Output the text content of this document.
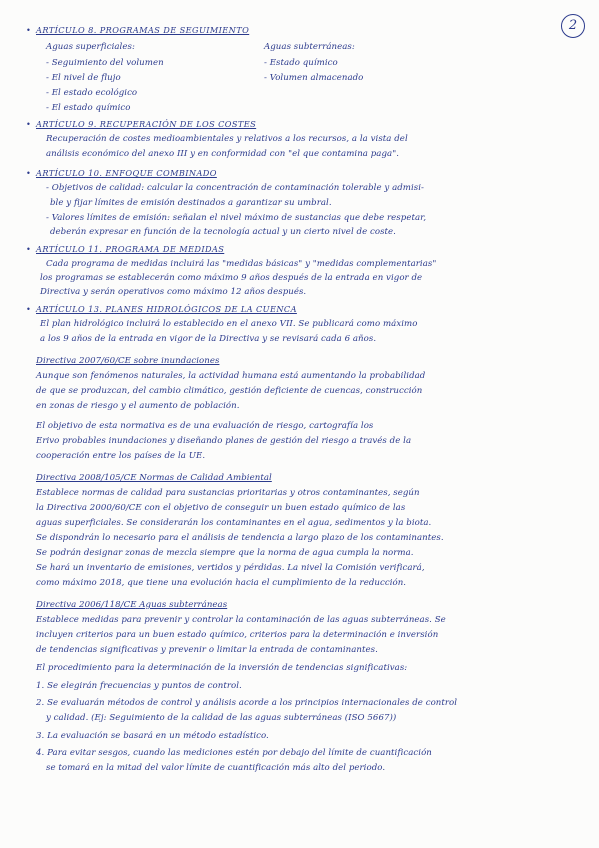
2
• ARTÍCULO 8. PROGRAMAS DE SEGUIMIENTO
Aguas superficiales:	Aguas subterráneas:
- Seguimiento del volumen	- Estado químico
- El nivel de flujo	- Volumen almacenado
- El estado ecológico
- El estado químico
• ARTÍCULO 9. RECUPERACIÓN DE LOS COSTES
Recuperación de costes medioambientales y relativos a los recursos, a la vista del
análisis económico del anexo III y en conformidad con "el que contamina paga".
• ARTÍCULO 10. ENFOQUE COMBINADO
- Objetivos de calidad: calcular la concentración de contaminación tolerable y admisi-
ble y fijar límites de emisión destinados a garantizar su umbral.
- Valores límites de emisión: señalan el nivel máximo de sustancias que debe respetar,
deberán expresar en función de la tecnología actual y un cierto nivel de coste.
• ARTÍCULO 11. PROGRAMA DE MEDIDAS
Cada programa de medidas incluirá las "medidas básicas" y "medidas complementarias"
los programas se establecerán como máximo 9 años después de la entrada en vigor de
Directiva y serán operativos como máximo 12 años después.
• ARTÍCULO 13. PLANES HIDROLÓGICOS DE LA CUENCA
El plan hidrológico incluirá lo establecido en el anexo VII. Se publicará como máximo
a los 9 años de la entrada en vigor de la Directiva y se revisará cada 6 años.
Directiva 2007/60/CE sobre inundaciones
Aunque son fenómenos naturales, la actividad humana está aumentando la probabilidad
de que se produzcan, del cambio climático, gestión deficiente de cuencas, construcción
en zonas de riesgo y el aumento de población.
El objetivo de esta normativa es de una evaluación de riesgo, cartografía los
Erivo probables inundaciones y diseñando planes de gestión del riesgo a través de la
cooperación entre los países de la UE.
Directiva 2008/105/CE Normas de Calidad Ambiental
Establece normas de calidad para sustancias prioritarias y otros contaminantes, según
la Directiva 2000/60/CE con el objetivo de conseguir un buen estado químico de las
aguas superficiales. Se considerarán los contaminantes en el agua, sedimentos y la biota.
Se dispondrán lo necesario para el análisis de tendencia a largo plazo de los contaminantes.
Se podrán designar zonas de mezcla siempre que la norma de agua cumpla la norma.
Se hará un inventario de emisiones, vertidos y pérdidas. La nivel la Comisión verificará,
como máximo 2018, que tiene una evolución hacia el cumplimiento de la reducción.
Directiva 2006/118/CE Aguas subterráneas
Establece medidas para prevenir y controlar la contaminación de las aguas subterráneas. Se
incluyen criterios para un buen estado químico, criterios para la determinación e inversión
de tendencias significativas y prevenir o limitar la entrada de contaminantes.
El procedimiento para la determinación de la inversión de tendencias significativas:
1. Se elegirán frecuencias y puntos de control.
2. Se evaluarán métodos de control y análisis acorde a los principios internacionales de control
y calidad. (Ej: Seguimiento de la calidad de las aguas subterráneas (ISO 5667))
3. La evaluación se basará en un método estadístico.
4. Para evitar sesgos, cuando las mediciones estén por debajo del límite de cuantificación
se tomará en la mitad del valor límite de cuantificación más alto del periodo.
